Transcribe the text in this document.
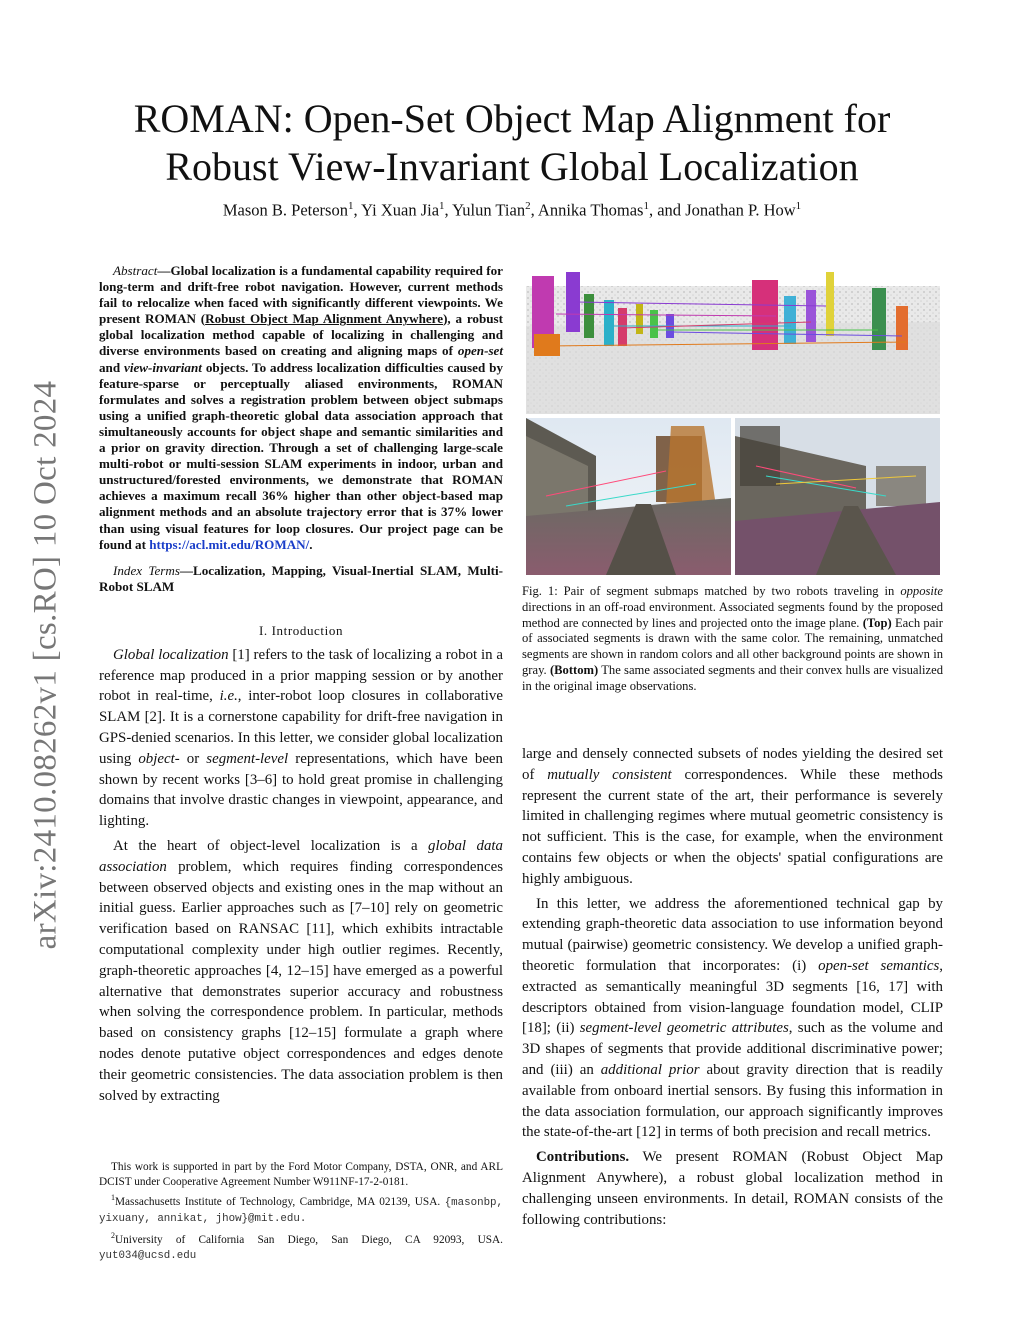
arXiv:2410.08262v1 [cs.RO] 10 Oct 2024
ROMAN: Open-Set Object Map Alignment for
Robust View-Invariant Global Localization
Mason B. Peterson$^1$, Yi Xuan Jia$^1$, Yulun Tian$^2$, Annika Thomas$^1$, and Jonathan P. How$^1$

Abstract—Global localization is a fundamental capability required for long-term and drift-free robot navigation. However, current methods fail to relocalize when faced with significantly different viewpoints. We present ROMAN (Robust Object Map Alignment Anywhere), a robust global localization method capable of localizing in challenging and diverse environments based on creating and aligning maps of open-set and view-invariant objects. To address localization difficulties caused by feature-sparse or perceptually aliased environments, ROMAN formulates and solves a registration problem between object submaps using a unified graph-theoretic global data association approach that simultaneously accounts for object shape and semantic similarities and a prior on gravity direction. Through a set of challenging large-scale multi-robot or multi-session SLAM experiments in indoor, urban and unstructured/forested environments, we demonstrate that ROMAN achieves a maximum recall 36% higher than other object-based map alignment methods and an absolute trajectory error that is 37% lower than using visual features for loop closures. Our project page can be found at https://acl.mit.edu/ROMAN/.

Index Terms—Localization, Mapping, Visual-Inertial SLAM, Multi-Robot SLAM

I. Introduction

Global localization [1] refers to the task of localizing a robot in a reference map produced in a prior mapping session or by another robot in real-time, i.e., inter-robot loop closures in collaborative SLAM [2]. It is a cornerstone capability for drift-free navigation in GPS-denied scenarios. In this letter, we consider global localization using object- or segment-level representations, which have been shown by recent works [3–6] to hold great promise in challenging domains that involve drastic changes in viewpoint, appearance, and lighting.

At the heart of object-level localization is a global data association problem, which requires finding correspondences between observed objects and existing ones in the map without an initial guess. Earlier approaches such as [7–10] rely on geometric verification based on RANSAC [11], which exhibits intractable computational complexity under high outlier regimes. Recently, graph-theoretic approaches [4, 12–15] have emerged as a powerful alternative that demonstrates superior accuracy and robustness when solving the correspondence problem. In particular, methods based on consistency graphs [12–15] formulate a graph where nodes denote putative object correspondences and edges denote their geometric consistencies. The data association problem is then solved by extracting

This work is supported in part by the Ford Motor Company, DSTA, ONR, and ARL DCIST under Cooperative Agreement Number W911NF-17-2-0181.

$^1$Massachusetts Institute of Technology, Cambridge, MA 02139, USA. {masonbp, yixuany, annikat, jhow}@mit.edu.

$^2$University of California San Diego, San Diego, CA 92093, USA. yut034@ucsd.edu

Fig. 1: Pair of segment submaps matched by two robots traveling in opposite directions in an off-road environment. Associated segments found by the proposed method are connected by lines and projected onto the image plane. (Top) Each pair of associated segments is drawn with the same color. The remaining, unmatched segments are shown in random colors and all other background points are shown in gray. (Bottom) The same associated segments and their convex hulls are visualized in the original image observations.

large and densely connected subsets of nodes yielding the desired set of mutually consistent correspondences. While these methods represent the current state of the art, their performance is severely limited in challenging regimes where mutual geometric consistency is not sufficient. This is the case, for example, when the environment contains few objects or when the objects' spatial configurations are highly ambiguous.

In this letter, we address the aforementioned technical gap by extending graph-theoretic data association to use information beyond mutual (pairwise) geometric consistency. We develop a unified graph-theoretic formulation that incorporates: (i) open-set semantics, extracted as semantically meaningful 3D segments [16, 17] with descriptors obtained from vision-language foundation model, CLIP [18]; (ii) segment-level geometric attributes, such as the volume and 3D shapes of segments that provide additional discriminative power; and (iii) an additional prior about gravity direction that is readily available from onboard inertial sensors. By fusing this information in the data association formulation, our approach significantly improves the state-of-the-art [12] in terms of both precision and recall metrics.

Contributions. We present ROMAN (Robust Object Map Alignment Anywhere), a robust global localization method in challenging unseen environments. In detail, ROMAN consists of the following contributions:
